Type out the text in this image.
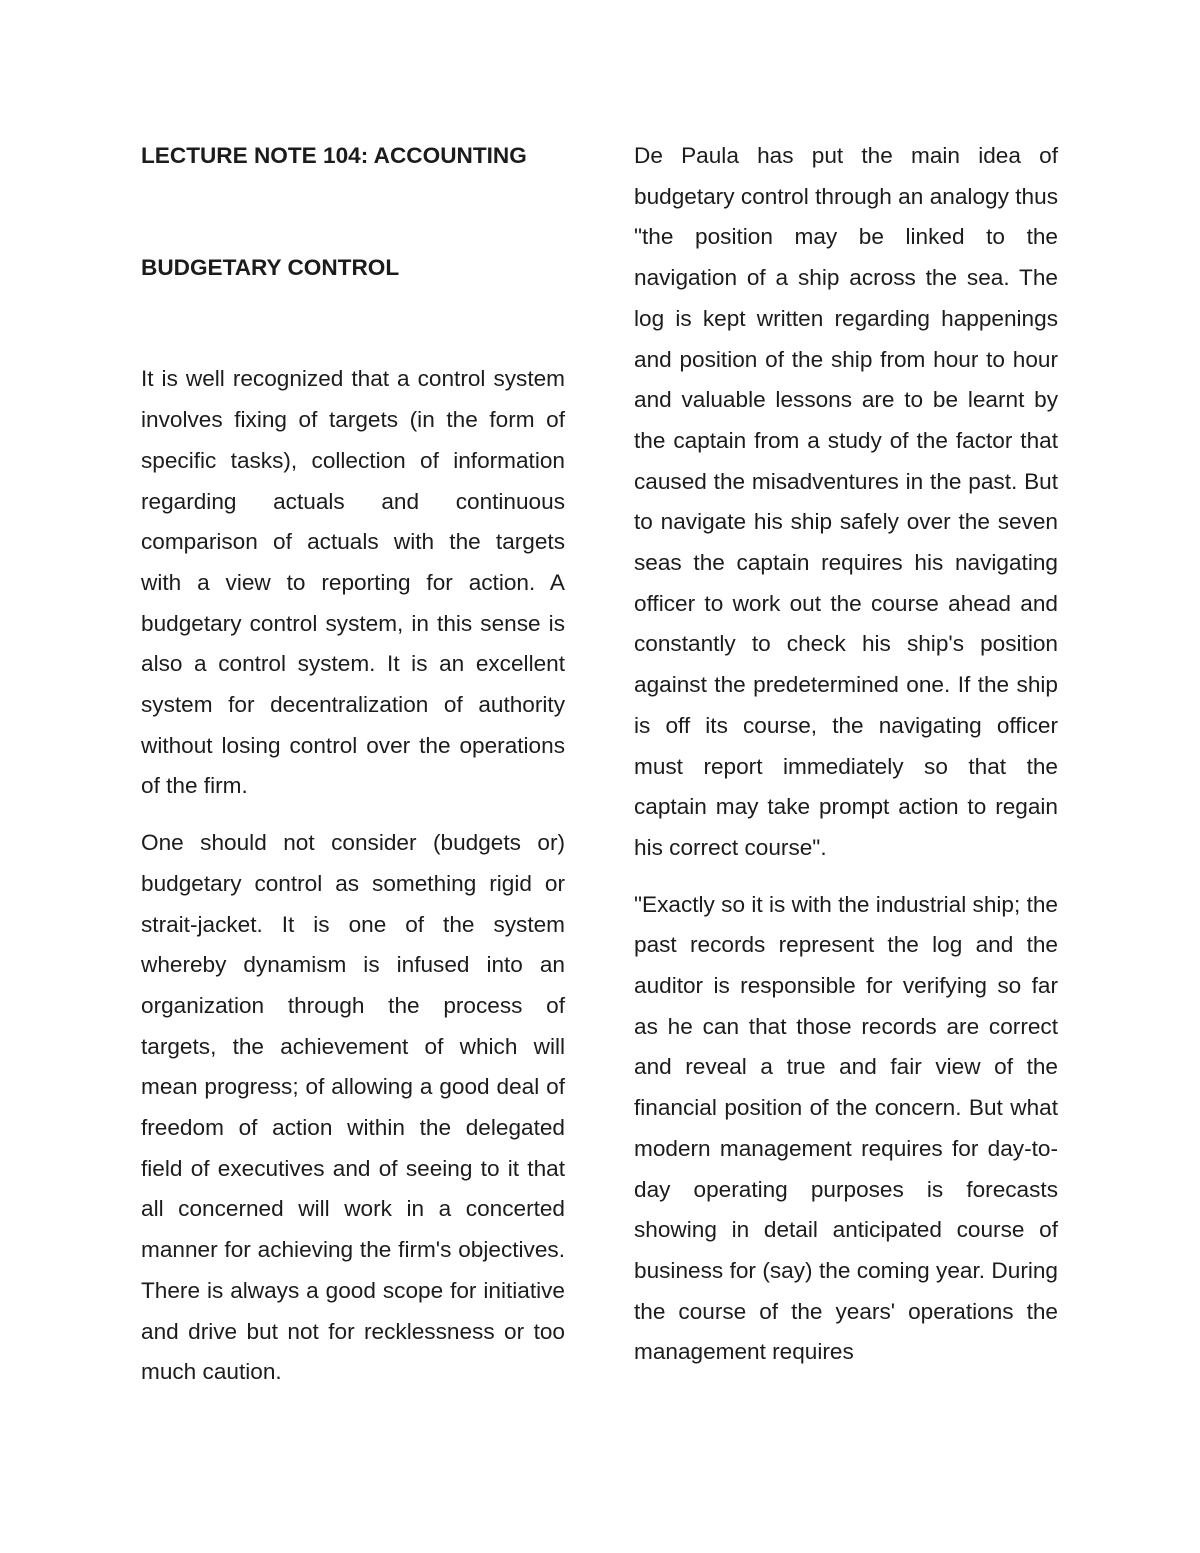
LECTURE NOTE 104: ACCOUNTING
BUDGETARY CONTROL

It is well recognized that a control system involves fixing of targets (in the form of specific tasks), collection of information regarding actuals and continuous comparison of actuals with the targets with a view to reporting for action. A budgetary control system, in this sense is also a control system. It is an excellent system for decentralization of authority without losing control over the operations of the firm.

One should not consider (budgets or) budgetary control as something rigid or strait-jacket. It is one of the system whereby dynamism is infused into an organization through the process of targets, the achievement of which will mean progress; of allowing a good deal of freedom of action within the delegated field of executives and of seeing to it that all concerned will work in a concerted manner for achieving the firm's objectives. There is always a good scope for initiative and drive but not for recklessness or too much caution.

De Paula has put the main idea of budgetary control through an analogy thus "the position may be linked to the navigation of a ship across the sea. The log is kept written regarding happenings and position of the ship from hour to hour and valuable lessons are to be learnt by the captain from a study of the factor that caused the misadventures in the past. But to navigate his ship safely over the seven seas the captain requires his navigating officer to work out the course ahead and constantly to check his ship's position against the predetermined one. If the ship is off its course, the navigating officer must report immediately so that the captain may take prompt action to regain his correct course".

"Exactly so it is with the industrial ship; the past records represent the log and the auditor is responsible for verifying so far as he can that those records are correct and reveal a true and fair view of the financial position of the concern. But what modern management requires for day-to-day operating purposes is forecasts showing in detail anticipated course of business for (say) the coming year. During the course of the years' operations the management requires
